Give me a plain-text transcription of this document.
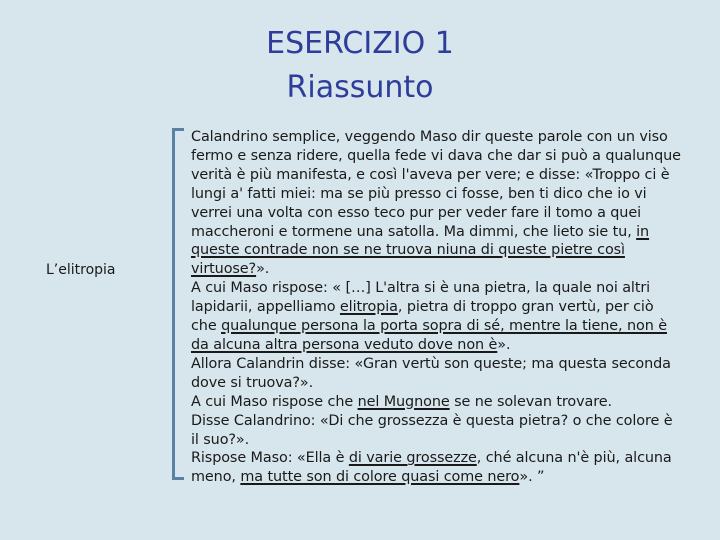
ESERCIZIO 1
Riassunto
L’elitropia

Calandrino semplice, veggendo Maso dir queste parole con un viso fermo e senza ridere, quella fede vi dava che dar si può a qualunque verità è più manifesta, e così l'aveva per vere; e disse: «Troppo ci è lungi a' fatti miei: ma se più presso ci fosse, ben ti dico che io vi verrei una volta con esso teco pur per veder fare il tomo a quei maccheroni e tormene una satolla. Ma dimmi, che lieto sie tu, in queste contrade non se ne truova niuna di queste pietre così virtuose?».

A cui Maso rispose: « […] L'altra si è una pietra, la quale noi altri lapidarii, appelliamo elitropia, pietra di troppo gran vertù, per ciò che qualunque persona la porta sopra di sé, mentre la tiene, non è da alcuna altra persona veduto dove non è».

Allora Calandrin disse: «Gran vertù son queste; ma questa seconda dove si truova?».

A cui Maso rispose che nel Mugnone se ne solevan trovare.

Disse Calandrino: «Di che grossezza è questa pietra? o che colore è il suo?».

Rispose Maso: «Ella è di varie grossezze, ché alcuna n'è più, alcuna meno, ma tutte son di colore quasi come nero». ”
